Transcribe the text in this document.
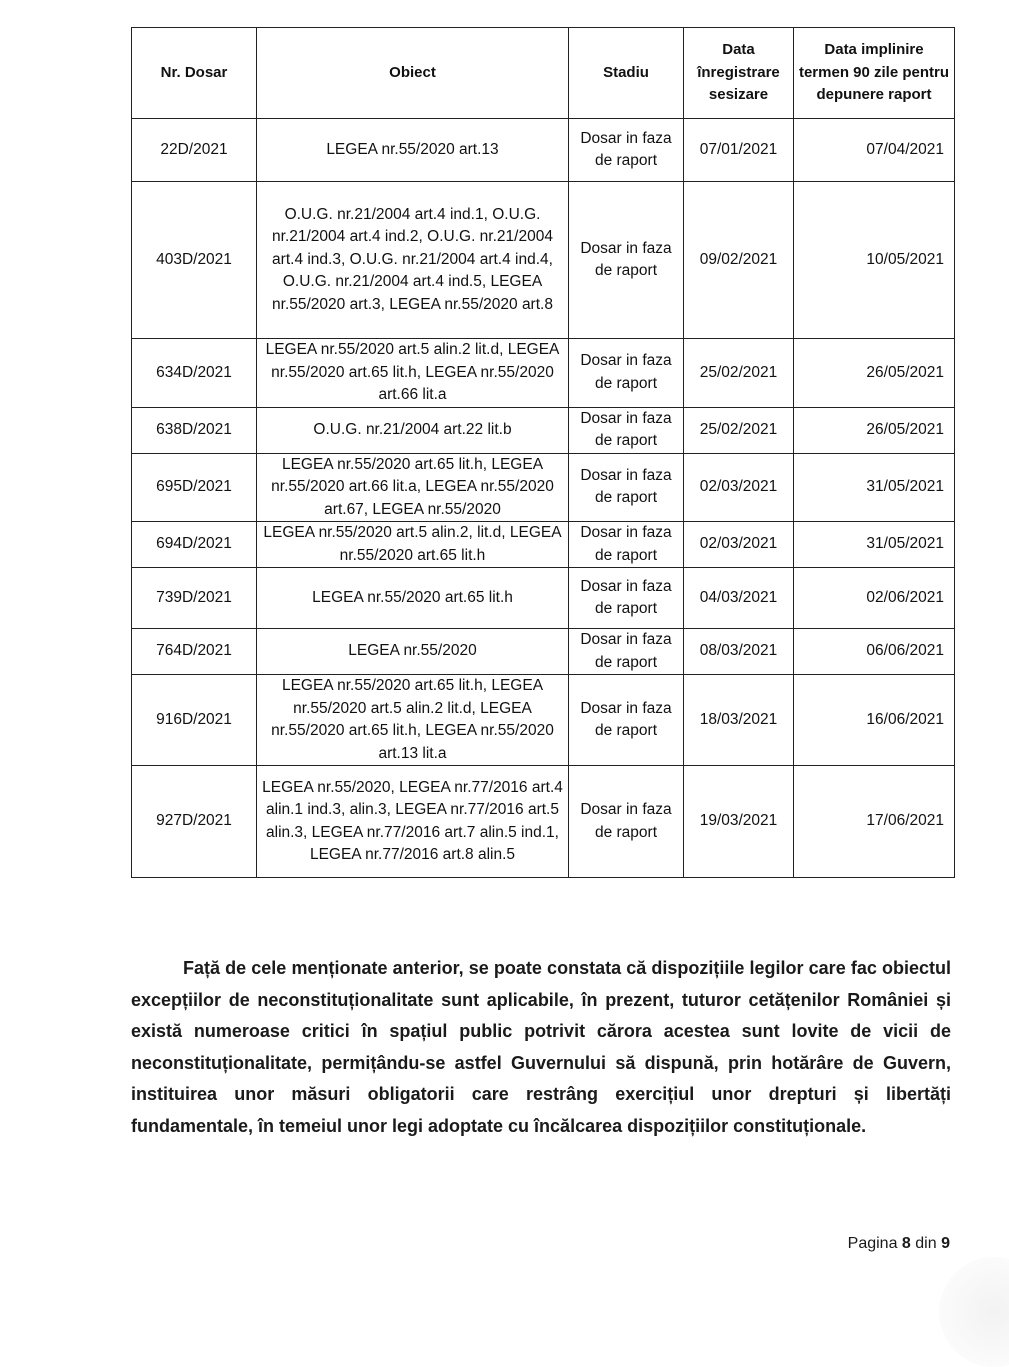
Nr. Dosar	Obiect	Stadiu	Data înregistrare sesizare	Data implinire termen 90 zile pentru depunere raport
22D/2021	LEGEA nr.55/2020 art.13	Dosar in faza de raport	07/01/2021	07/04/2021
403D/2021	O.U.G. nr.21/2004 art.4 ind.1, O.U.G. nr.21/2004 art.4 ind.2, O.U.G. nr.21/2004 art.4 ind.3, O.U.G. nr.21/2004 art.4 ind.4, O.U.G. nr.21/2004 art.4 ind.5, LEGEA nr.55/2020 art.3, LEGEA nr.55/2020 art.8	Dosar in faza de raport	09/02/2021	10/05/2021
634D/2021	LEGEA nr.55/2020 art.5 alin.2 lit.d, LEGEA nr.55/2020 art.65 lit.h, LEGEA nr.55/2020 art.66 lit.a	Dosar in faza de raport	25/02/2021	26/05/2021
638D/2021	O.U.G. nr.21/2004 art.22 lit.b	Dosar in faza de raport	25/02/2021	26/05/2021
695D/2021	LEGEA nr.55/2020 art.65 lit.h, LEGEA nr.55/2020 art.66 lit.a, LEGEA nr.55/2020 art.67, LEGEA nr.55/2020	Dosar in faza de raport	02/03/2021	31/05/2021
694D/2021	LEGEA nr.55/2020 art.5 alin.2, lit.d, LEGEA nr.55/2020 art.65 lit.h	Dosar in faza de raport	02/03/2021	31/05/2021
739D/2021	LEGEA nr.55/2020 art.65 lit.h	Dosar in faza de raport	04/03/2021	02/06/2021
764D/2021	LEGEA nr.55/2020	Dosar in faza de raport	08/03/2021	06/06/2021
916D/2021	LEGEA nr.55/2020 art.65 lit.h, LEGEA nr.55/2020 art.5 alin.2 lit.d, LEGEA nr.55/2020 art.65 lit.h, LEGEA nr.55/2020 art.13 lit.a	Dosar in faza de raport	18/03/2021	16/06/2021
927D/2021	LEGEA nr.55/2020, LEGEA nr.77/2016 art.4 alin.1 ind.3, alin.3, LEGEA nr.77/2016 art.5 alin.3, LEGEA nr.77/2016 art.7 alin.5 ind.1, LEGEA nr.77/2016 art.8 alin.5	Dosar in faza de raport	19/03/2021	17/06/2021

Față de cele menționate anterior, se poate constata că dispozițiile legilor care fac obiectul excepțiilor de neconstituționalitate sunt aplicabile, în prezent, tuturor cetățenilor României și există numeroase critici în spațiul public potrivit cărora acestea sunt lovite de vicii de neconstituționalitate, permițându-se astfel Guvernului să dispună, prin hotărâre de Guvern, instituirea unor măsuri obligatorii care restrâng exercițiul unor drepturi și libertăți fundamentale, în temeiul unor legi adoptate cu încălcarea dispozițiilor constituționale.

Pagina 8 din 9
